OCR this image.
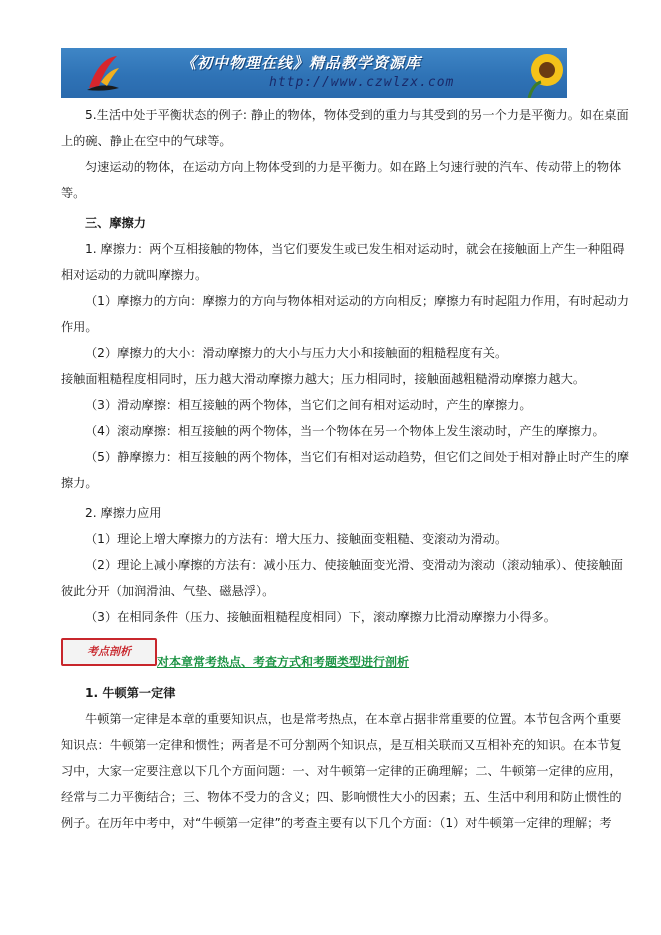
《初中物理在线》精品教学资源库
http://www.czwlzx.com

5.生活中处于平衡状态的例子: 静止的物体，物体受到的重力与其受到的另一个力是平衡力。如在桌面

上的碗、静止在空中的气球等。

匀速运动的物体，在运动方向上物体受到的力是平衡力。如在路上匀速行驶的汽车、传动带上的物体

等。

三、摩擦力

1. 摩擦力：两个互相接触的物体，当它们要发生或已发生相对运动时，就会在接触面上产生一种阻碍

相对运动的力就叫摩擦力。

（1）摩擦力的方向：摩擦力的方向与物体相对运动的方向相反；摩擦力有时起阻力作用，有时起动力

作用。

（2）摩擦力的大小：滑动摩擦力的大小与压力大小和接触面的粗糙程度有关。

接触面粗糙程度相同时，压力越大滑动摩擦力越大；压力相同时，接触面越粗糙滑动摩擦力越大。

（3）滑动摩擦：相互接触的两个物体，当它们之间有相对运动时，产生的摩擦力。

（4）滚动摩擦：相互接触的两个物体，当一个物体在另一个物体上发生滚动时，产生的摩擦力。

（5）静摩擦力：相互接触的两个物体，当它们有相对运动趋势，但它们之间处于相对静止时产生的摩

擦力。

2. 摩擦力应用

（1）理论上增大摩擦力的方法有：增大压力、接触面变粗糙、变滚动为滑动。

（2）理论上减小摩擦的方法有：减小压力、使接触面变光滑、变滑动为滚动（滚动轴承）、使接触面

彼此分开（加润滑油、气垫、磁悬浮）。

（3）在相同条件（压力、接触面粗糙程度相同）下，滚动摩擦力比滑动摩擦力小得多。

考点剖析
对本章常考热点、考查方式和考题类型进行剖析

1. 牛顿第一定律

牛顿第一定律是本章的重要知识点，也是常考热点，在本章占据非常重要的位置。本节包含两个重要

知识点：牛顿第一定律和惯性；两者是不可分割两个知识点，是互相关联而又互相补充的知识。在本节复

习中，大家一定要注意以下几个方面问题：一、对牛顿第一定律的正确理解；二、牛顿第一定律的应用，

经常与二力平衡结合；三、物体不受力的含义；四、影响惯性大小的因素；五、生活中利用和防止惯性的

例子。在历年中考中，对“牛顿第一定律”的考查主要有以下几个方面：（1）对牛顿第一定律的理解；考
